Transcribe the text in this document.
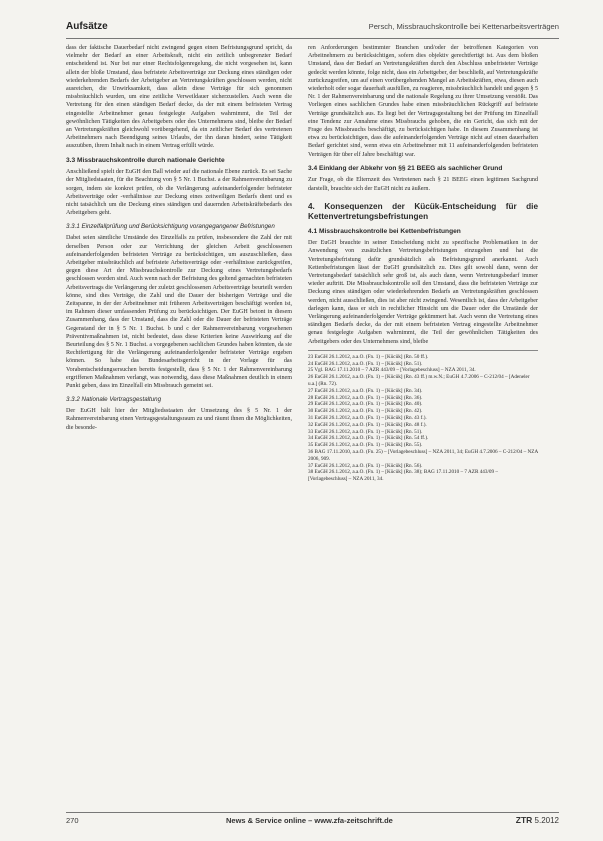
Aufsätze	Persch, Missbrauchskontrolle bei Kettenarbeitsverträgen

dass der faktische Dauerbedarf nicht zwingend gegen einen Befristungsgrund spricht, da vielmehr der Bedarf an einer Arbeitskraft, nicht ein zeitlich unbegrenzter Bedarf entscheidend ist. Nur bei nur einer Rechtsfolgenregelung, die nicht vorgesehen ist, kann allein der bloße Umstand, dass befristete Arbeitsverträge zur Deckung eines ständigen oder wiederkehrenden Bedarfs der Arbeitgeber an Vertretungskräften geschlossen werden, nicht ausreichen, die Unwirksamkeit, dass allein diese Verträge für sich genommen missbräuchlich wurden, um eine zeitliche Verweildauer sicherzustellen. Auch wenn die Vertretung für den einen ständigen Bedarf decke, da der mit einem befristeten Vertrag eingestellte Arbeitnehmer genau festgelegte Aufgaben wahrnimmt, die Teil der gewöhnlichen Tätigkeiten des Arbeitgebers oder des Unternehmens sind, bleibe der Bedarf an Vertretungskräften gleichwohl vorübergehend, da ein zeitlicher Bedarf des vertretenen Arbeitnehmers nach Beendigung seines Urlaubs, der ihn daran hindert, seine Tätigkeit auszuüben, ihrem Inhalt nach in einem Vertrag erfüllt würde.

3.3 Missbrauchskontrolle durch nationale Gerichte

Anschließend spielt der EuGH den Ball wieder auf die nationale Ebene zurück. Es sei Sache der Mitgliedstaaten, für die Beachtung von § 5 Nr. 1 Buchst. a der Rahmenvereinbarung zu sorgen, indem sie konkret prüfen, ob die Verlängerung aufeinanderfolgender befristeter Arbeitsverträge oder -verhältnisse zur Deckung eines zeitweiligen Bedarfs dient und es nicht tatsächlich um die Deckung eines ständigen und dauernden Arbeitskräftebedarfs des Arbeitgebers geht.

3.3.1 Einzelfallprüfung und Berücksichtigung vorangegangener Befristungen

Dabei seien sämtliche Umstände des Einzelfalls zu prüfen, insbesondere die Zahl der mit derselben Person oder zur Verrichtung der gleichen Arbeit geschlossenen aufeinanderfolgenden befristeten Verträge zu berücksichtigen, um auszuschließen, dass Arbeitgeber missbräuchlich auf befristete Arbeitsverträge oder -verhältnisse zurückgreifen, gegen diese Art der Missbrauchskontrolle zur Deckung eines Vertretungsbedarfs geschlossen worden sind. Auch wenn nach der Befristung des geltend gemachten befristeten Arbeitsvertrags die Verlängerung der zuletzt geschlossenen Arbeitsverträge beurteilt werden könne, sind dies Verträge, die Zahl und die Dauer der bisherigen Verträge und die Zeitspanne, in der der Arbeitnehmer mit früheren Arbeitsverträgen beschäftigt worden ist, im Rahmen dieser umfassenden Prüfung zu berücksichtigen. Der EuGH betont in diesem Zusammenhang, dass der Umstand, dass die Zahl oder die Dauer der befristeten Verträge Gegenstand der in § 5 Nr. 1 Buchst. b und c der Rahmenvereinbarung vorgesehenen Präventivmaßnahmen ist, nicht bedeutet, dass diese Kriterien keine Auswirkung auf die Beurteilung des § 5 Nr. 1 Buchst. a vorgegebenen sachlichen Grundes haben könnten, da sie Rechtfertigung für die Verlängerung aufeinanderfolgender befristeter Verträge ergeben können. So habe das Bundesarbeitsgericht in der Vorlage für das Vorabentscheidungsersuchen bereits festgestellt, dass § 5 Nr. 1 der Rahmenvereinbarung ergriffenen Maßnahmen verlangt, was notwendig, dass diese Maßnahmen deutlich in einem Punkt geben, dass im Einzelfall ein Missbrauch gemeint sei.

3.3.2 Nationale Vertragsgestaltung

Der EuGH hält hier der Mitgliedsstaaten der Umsetzung des § 5 Nr. 1 der Rahmenvereinbarung einen Vertragsgestaltungsraum zu und räumt ihnen die Möglichkeiten, die besonde-

ren Anforderungen bestimmter Branchen und/oder der betroffenen Kategorien von Arbeitnehmern zu berücksichtigen, sofern dies objektiv gerechtfertigt ist. Aus dem bloßen Umstand, dass der Bedarf an Vertretungskräften durch den Abschluss unbefristeter Verträge gedeckt werden könnte, folge nicht, dass ein Arbeitgeber, der beschließt, auf Vertretungskräfte zurückzugreifen, um auf einen vorübergehenden Mangel an Arbeitskräften, etwa, diesen auch wiederholt oder sogar dauerhaft ausfüllen, zu reagieren, missbräuchlich handelt und gegen § 5 Nr. 1 der Rahmenvereinbarung und die nationale Regelung zu ihrer Umsetzung verstößt. Das Vorliegen eines sachlichen Grundes habe einen missbräuchlichen Rückgriff auf befristete Verträge grundsätzlich aus. Es liegt bei der Vertragsgestaltung bei der Prüfung im Einzelfall eine Tendenz zur Annahme eines Missbrauchs gehoben, die ein Gericht, das sich mit der Frage des Missbrauchs beschäftigt, zu berücksichtigen habe. In diesem Zusammenhang ist etwa zu berücksichtigen, dass die aufeinanderfolgenden Verträge nicht auf einen dauerhaften Bedarf gerichtet sind, wenn etwa ein Arbeitnehmer mit 11 aufeinanderfolgenden befristeten Verträgen für über elf Jahre beschäftigt war.

3.4 Einklang der Abkehr von §§ 21 BEEG als sachlicher Grund

Zur Frage, ob die Elternzeit des Vertretenen nach § 21 BEEG einen legitimen Sachgrund darstellt, brauchte sich der EuGH nicht zu äußern.

4. Konsequenzen der Kücük-Entscheidung für die Kettenvertretungsbefristungen
4.1 Missbrauchskontrolle bei Kettenbefristungen

Der EuGH brauchte in seiner Entscheidung nicht zu spezifische Problematiken in der Anwendung von zusätzlichen Vertretungsbefristungen einzugehen und hat die Vertretungsbefristung dafür grundsätzlich als Befristungsgrund anerkannt. Auch Kettenbefristungen lässt der EuGH grundsätzlich zu. Dies gilt sowohl dann, wenn der Vertretungsbedarf tatsächlich sehr groß ist, als auch dann, wenn Vertretungsbedarf immer wieder auftritt. Die Missbrauchskontrolle soll den Umstand, dass die befristeten Verträge zur Deckung eines ständigen oder wiederkehrenden Bedarfs an Vertretungskräften geschlossen werden, nicht ausschließen, dies ist aber nicht zwingend. Wesentlich ist, dass der Arbeitgeber darlegen kann, dass er sich in rechtlicher Hinsicht um die Dauer oder die Umstände der Verlängerung aufeinanderfolgender Verträge gekümmert hat. Auch wenn die Vertretung eines ständigen Bedarfs decke, da der mit einem befristeten Vertrag eingestellte Arbeitnehmer genau festgelegte Aufgaben wahrnimmt, die Teil der gewöhnlichen Tätigkeiten des Arbeitgebers oder des Unternehmens sind, bleibe

23 EuGH 26.1.2012, a.a.O. (Fn. 1) – [Kücük] (Rn. 50 ff.).
24 EuGH 26.1.2012, a.a.O. (Fn. 1) – [Kücük] (Rn. 51).
25 Vgl. BAG 17.11.2010 – 7 AZR 443/09 – [Vorlagebeschluss] – NZA 2011, 34.
26 EuGH 26.1.2012, a.a.O. (Fn. 1) – [Kücük] (Rn. 43 ff.) m.w.N.; EuGH 4.7.2006 – C-212/04 – [Adeneler u.a.] (Rn. 72).
27 EuGH 26.1.2012, a.a.O. (Fn. 1) – [Kücük] (Rn. 34).
28 EuGH 26.1.2012, a.a.O. (Fn. 1) – [Kücük] (Rn. 36).
29 EuGH 26.1.2012, a.a.O. (Fn. 1) – [Kücük] (Rn. 40).
30 EuGH 26.1.2012, a.a.O. (Fn. 1) – [Kücük] (Rn. 42).
31 EuGH 26.1.2012, a.a.O. (Fn. 1) – [Kücük] (Rn. 43 f.).
32 EuGH 26.1.2012, a.a.O. (Fn. 1) – [Kücük] (Rn. 48 f.).
33 EuGH 26.1.2012, a.a.O. (Fn. 1) – [Kücük] (Rn. 51).
34 EuGH 26.1.2012, a.a.O. (Fn. 1) – [Kücük] (Rn. 54 ff.).
35 EuGH 26.1.2012, a.a.O. (Fn. 1) – [Kücük] (Rn. 55).
36 BAG 17.11.2010, a.a.O. (Fn. 25) – [Vorlagebeschluss] – NZA 2011, 34; EuGH 4.7.2006 – C-212/04 – NZA 2006, 909.
37 EuGH 26.1.2012, a.a.O. (Fn. 1) – [Kücük] (Rn. 56).
38 EuGH 26.1.2012, a.a.O. (Fn. 1) – [Kücük] (Rn. 38); BAG 17.11.2010 – 7 AZR 443/09 – [Vorlagebeschluss] – NZA 2011, 34.
270	News & Service online – www.zfa-zeitschrift.de	ZTR 5.2012
